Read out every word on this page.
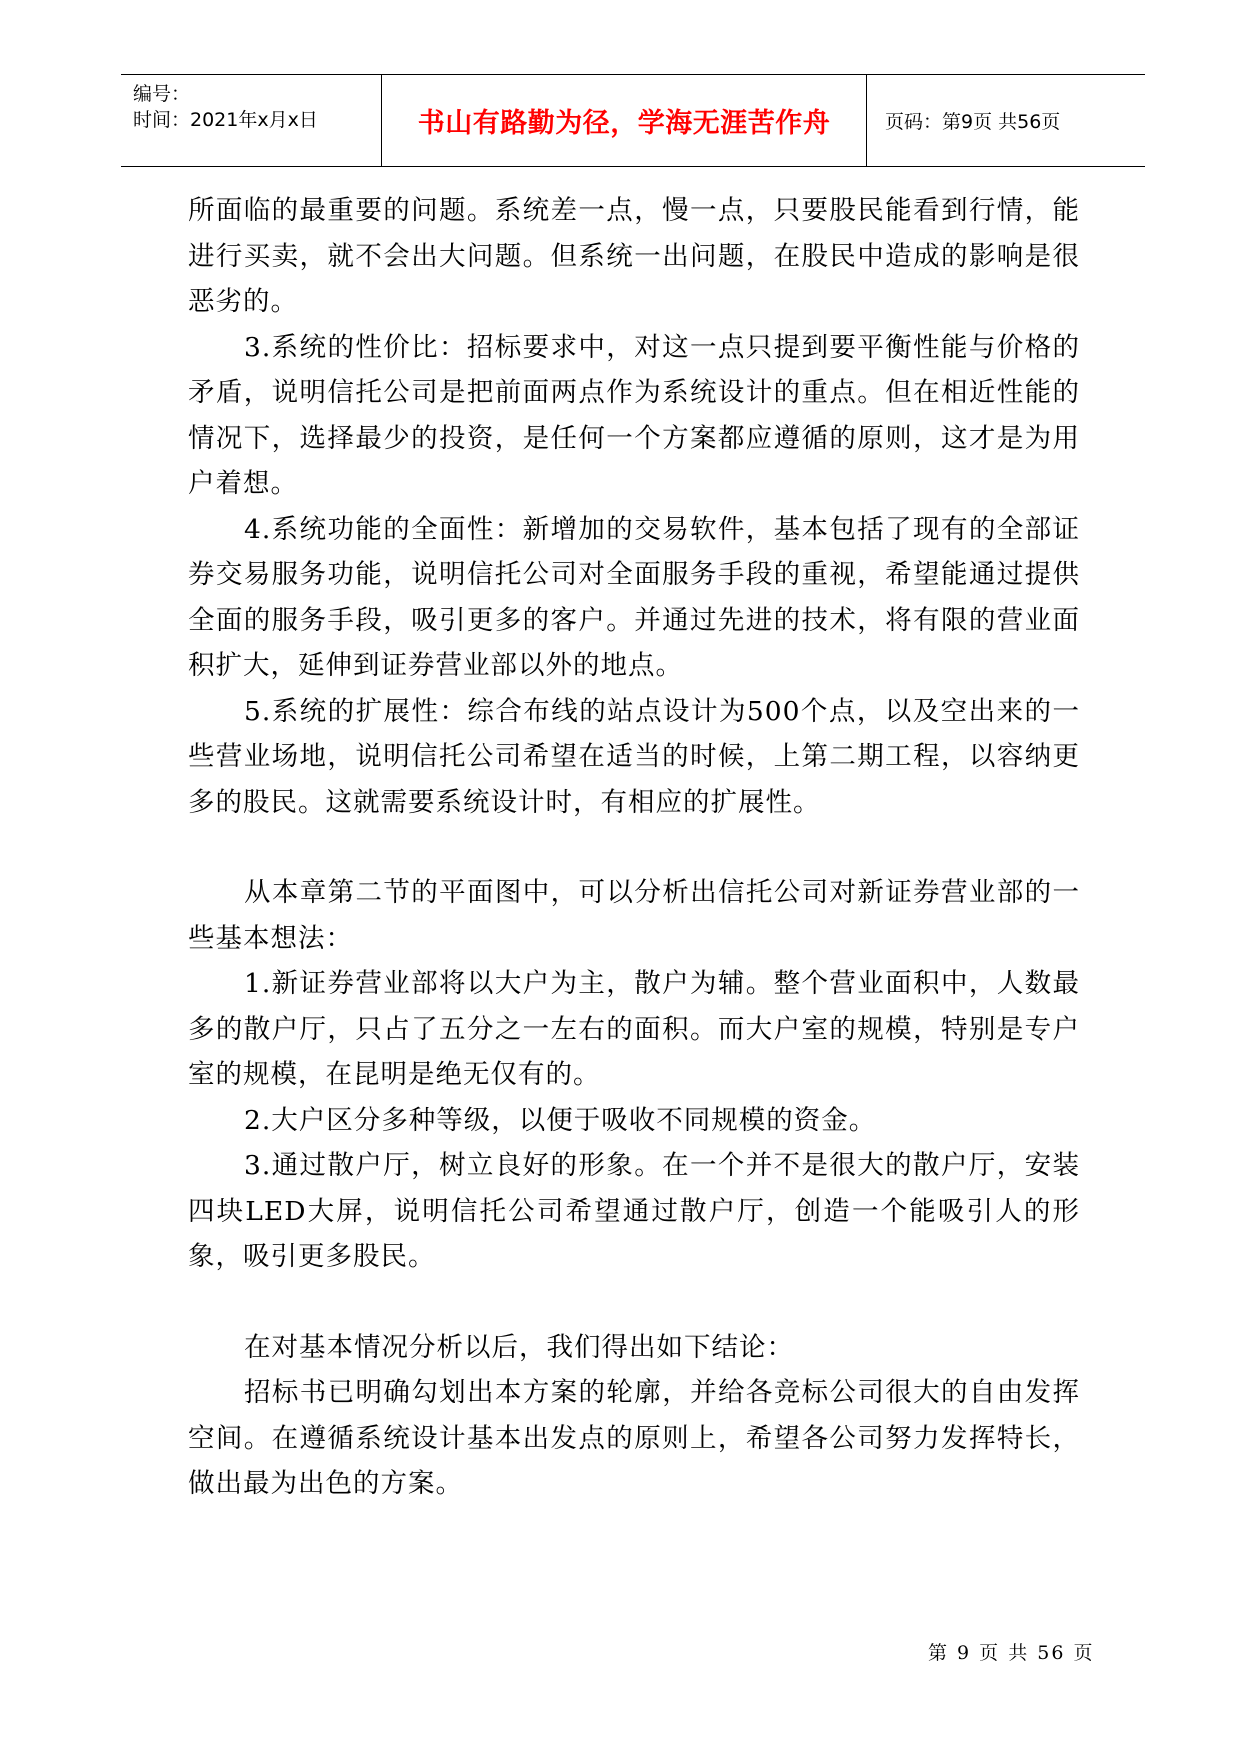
编号：
时间：2021年x月x日	书山有路勤为径，学海无涯苦作舟	页码：第9页 共56页

所面临的最重要的问题。系统差一点，慢一点，只要股民能看到行情，能进行买卖，就不会出大问题。但系统一出问题，在股民中造成的影响是很恶劣的。

3.系统的性价比：招标要求中，对这一点只提到要平衡性能与价格的矛盾，说明信托公司是把前面两点作为系统设计的重点。但在相近性能的情况下，选择最少的投资，是任何一个方案都应遵循的原则，这才是为用户着想。

4.系统功能的全面性：新增加的交易软件，基本包括了现有的全部证券交易服务功能，说明信托公司对全面服务手段的重视，希望能通过提供全面的服务手段，吸引更多的客户。并通过先进的技术，将有限的营业面积扩大，延伸到证券营业部以外的地点。

5.系统的扩展性：综合布线的站点设计为500个点，以及空出来的一些营业场地，说明信托公司希望在适当的时候，上第二期工程，以容纳更多的股民。这就需要系统设计时，有相应的扩展性。

从本章第二节的平面图中，可以分析出信托公司对新证券营业部的一些基本想法：

1.新证券营业部将以大户为主，散户为辅。整个营业面积中，人数最多的散户厅，只占了五分之一左右的面积。而大户室的规模，特别是专户室的规模，在昆明是绝无仅有的。

2.大户区分多种等级，以便于吸收不同规模的资金。

3.通过散户厅，树立良好的形象。在一个并不是很大的散户厅，安装四块LED大屏，说明信托公司希望通过散户厅，创造一个能吸引人的形象，吸引更多股民。

在对基本情况分析以后，我们得出如下结论：

招标书已明确勾划出本方案的轮廓，并给各竞标公司很大的自由发挥空间。在遵循系统设计基本出发点的原则上，希望各公司努力发挥特长，做出最为出色的方案。

第 9 页 共 56 页
